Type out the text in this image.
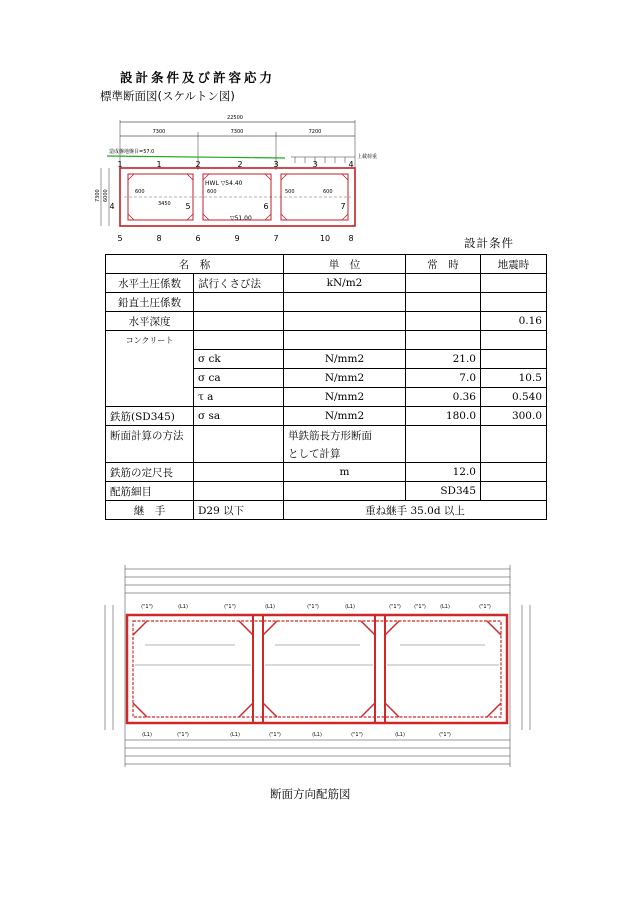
設計条件及び許容応力
標準断面図(スケルトン図)
22500
7300	7300	7200
造成盤地盤目=57.0
上載荷重
HWL ▽54.40
▽51.00
600	600	500
3450
600
7300 6000
1	1	2	2	3	3	4
4	5	6	7
5	8	6	9	7	10 8	設計条件
名　称		単　位	常　時	地震時
水平土圧係数	試行くさび法	kN/m2		
鉛直土圧係数				
水平深度				0.16
コンクリート				
	σ ck	N/mm2	21.0	
	σ ca	N/mm2	7.0	10.5
	τ a	N/mm2	0.36	0.540
鉄筋(SD345)	σ sa	N/mm2	180.0	300.0
断面計算の方法		単鉄筋長方形断面		
		として計算		
鉄筋の定尺長		m	12.0	
配筋細目			SD345	
継　手	D29 以下	重ね継手 35.0d 以上		
("1")	(L1)	("1")	(L1)	("1")	(L1)	("1")	("1")	(L1)	("1")
(L1)	("1")	(L1)	("1")	(L1)	("1")	(L1)	("1")
断面方向配筋図
